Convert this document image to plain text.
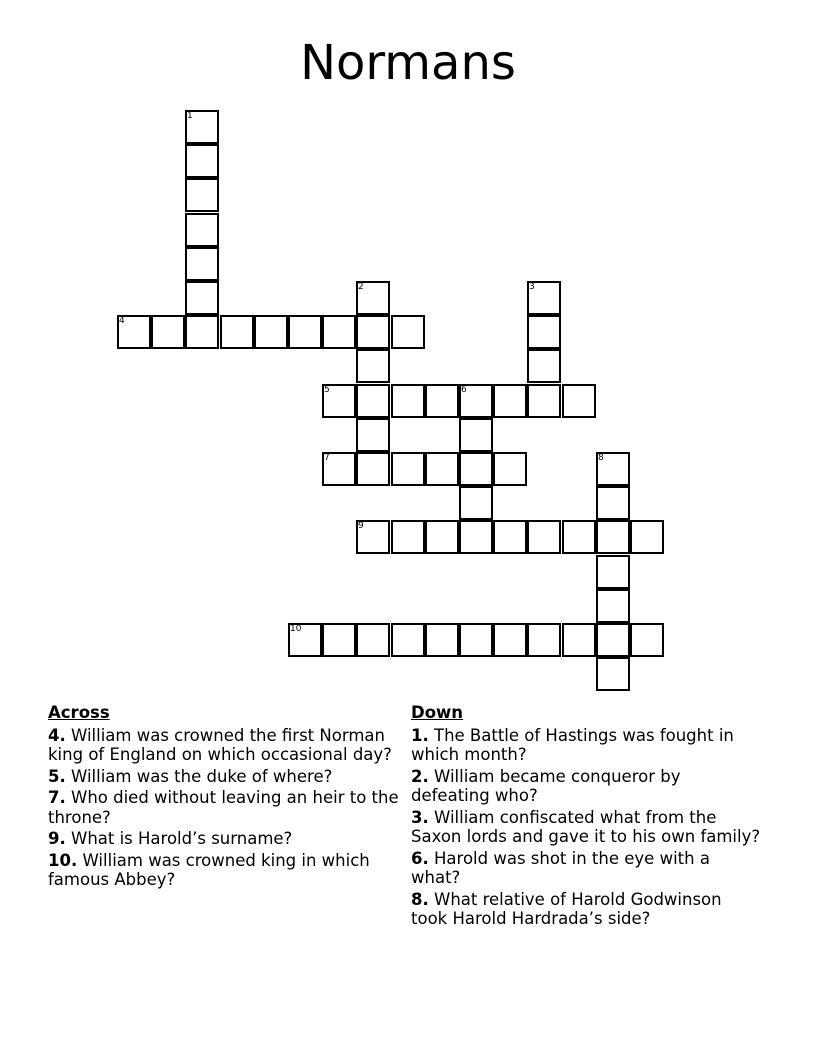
Normans
1
2	3
4
5	6
7	8
9
10
Across
4. William was crowned the first Norman king of England on which occasional day?
5. William was the duke of where?
7. Who died without leaving an heir to the throne?
9. What is Harold’s surname?
10. William was crowned king in which famous Abbey?
Down
1. The Battle of Hastings was fought in which month?
2. William became conqueror by defeating who?
3. William confiscated what from the Saxon lords and gave it to his own family?
6. Harold was shot in the eye with a what?
8. What relative of Harold Godwinson took Harold Hardrada’s side?
